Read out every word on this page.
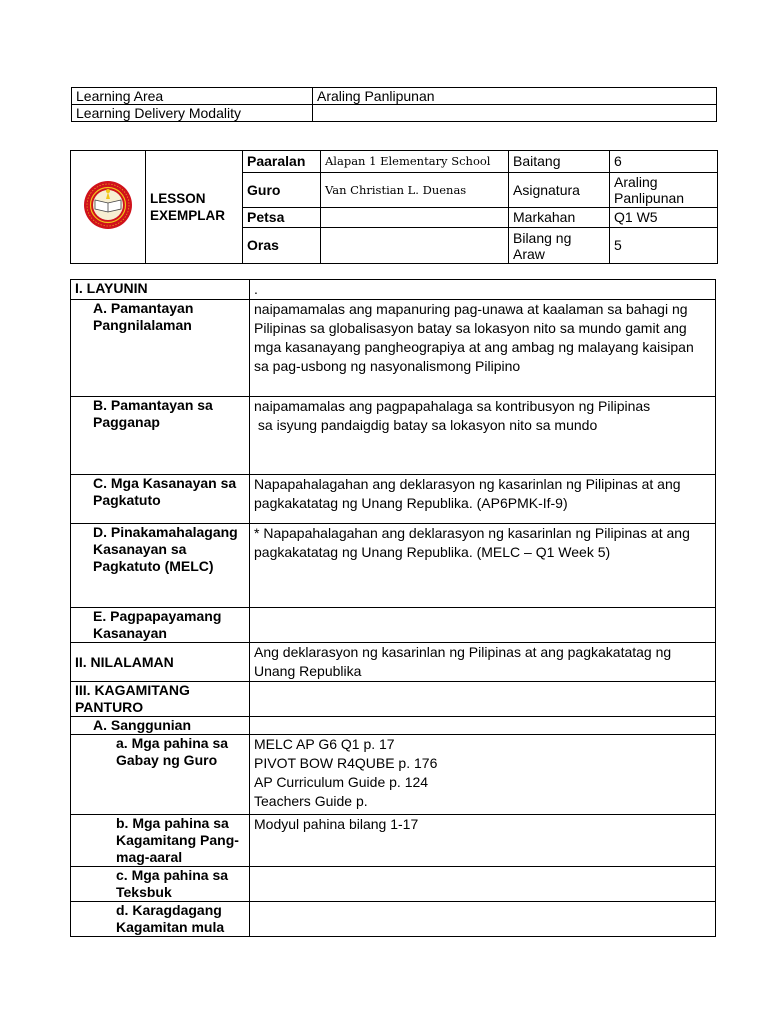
Learning Area	Araling Panlipunan
Learning Delivery Modality	
	LESSON EXEMPLAR	Paaralan	Alapan 1 Elementary School	Baitang	6
		Guro	Van Christian L. Duenas	Asignatura	Araling Panlipunan
		Petsa		Markahan	Q1 W5
		Oras		Bilang ng Araw	5
I. LAYUNIN	.
A. Pamantayan Pangnilalaman	naipamamalas ang mapanuring pag-unawa at kaalaman sa bahagi ng Pilipinas sa globalisasyon batay sa lokasyon nito sa mundo gamit ang mga kasanayang pangheograpiya at ang ambag ng malayang kaisipan sa pag-usbong ng nasyonalismong Pilipino
B. Pamantayan sa Pagganap	naipamamalas ang pagpapahalaga sa kontribusyon ng Pilipinas
sa isyung pandaigdig batay sa lokasyon nito sa mundo

C. Mga Kasanayan sa Pagkatuto	Napapahalagahan ang deklarasyon ng kasarinlan ng Pilipinas at ang pagkakatatag ng Unang Republika. (AP6PMK-If-9)
D. Pinakamahalagang Kasanayan sa Pagkatuto (MELC)	* Napapahalagahan ang deklarasyon ng kasarinlan ng Pilipinas at ang pagkakatatag ng Unang Republika. (MELC – Q1 Week 5)
E. Pagpapayamang Kasanayan	
II. NILALAMAN	Ang deklarasyon ng kasarinlan ng Pilipinas at ang pagkakatatag ng Unang Republika
III. KAGAMITANG PANTURO	
A. Sanggunian	
a. Mga pahina sa Gabay ng Guro	MELC AP G6 Q1 p. 17
PIVOT BOW R4QUBE p. 176
AP Curriculum Guide p. 124
Teachers Guide p.

b. Mga pahina sa Kagamitang Pang-mag-aaral	Modyul pahina bilang 1-17
c. Mga pahina sa Teksbuk	
d. Karagdagang Kagamitan mula	
